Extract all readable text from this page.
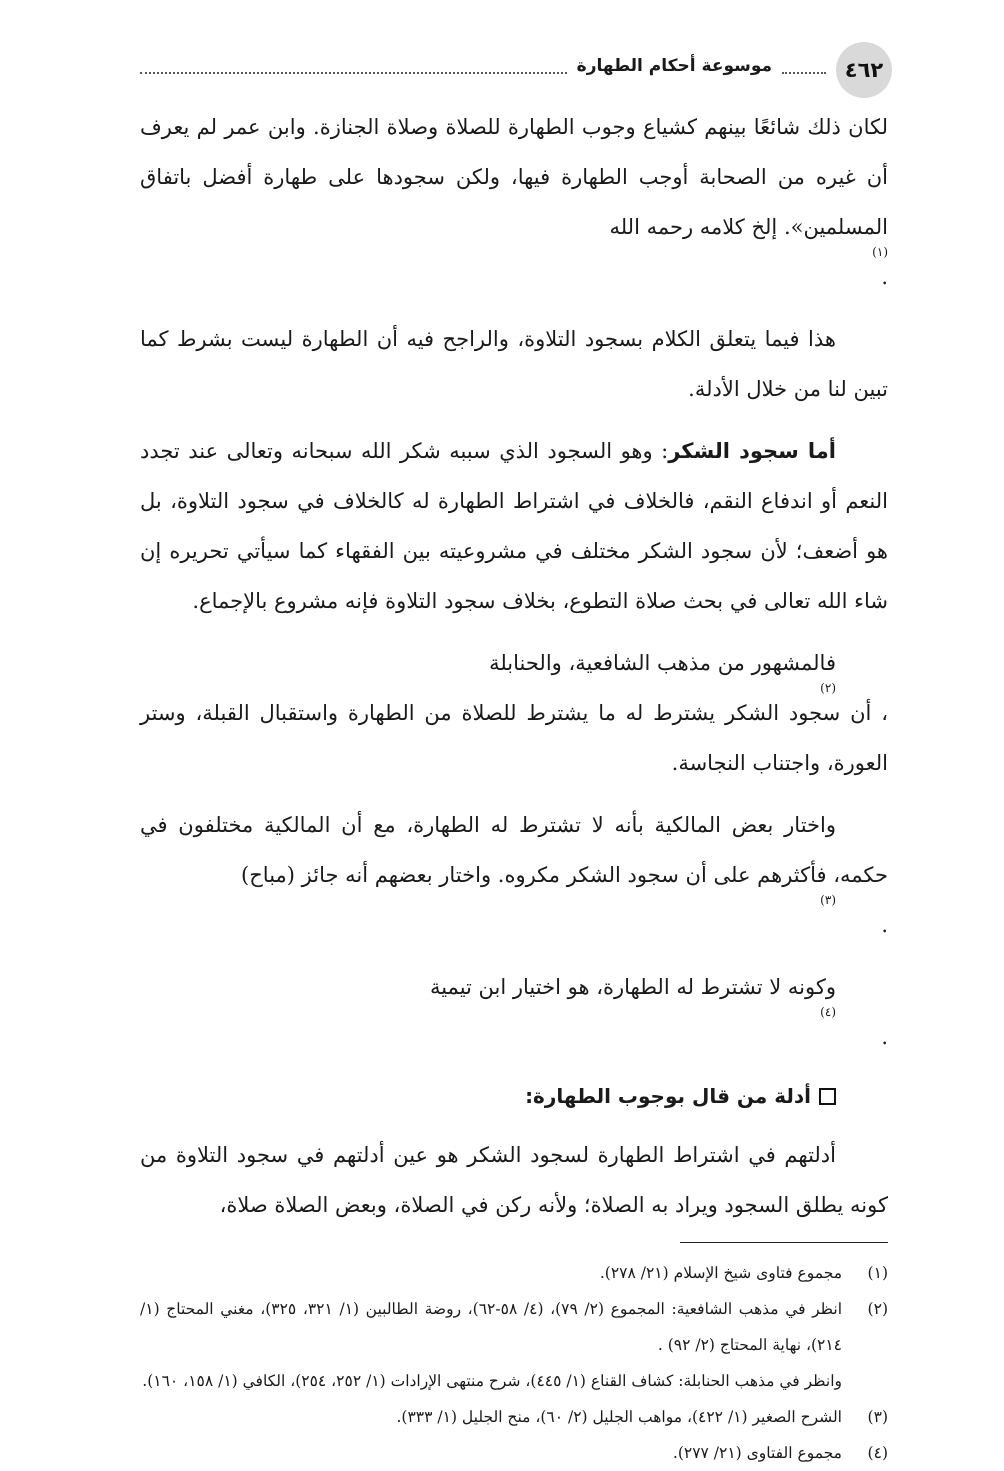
٤٦٢
موسوعة أحكام الطهارة

لكان ذلك شائعًا بينهم كشياع وجوب الطهارة للصلاة وصلاة الجنازة. وابن عمر لم يعرف أن غيره من الصحابة أوجب الطهارة فيها، ولكن سجودها على طهارة أفضل باتفاق المسلمين». إلخ كلامه رحمه الله
(١)
.

هذا فيما يتعلق الكلام بسجود التلاوة، والراجح فيه أن الطهارة ليست بشرط كما تبين لنا من خلال الأدلة.

أما سجود الشكر: وهو السجود الذي سببه شكر الله سبحانه وتعالى عند تجدد النعم أو اندفاع النقم، فالخلاف في اشتراط الطهارة له كالخلاف في سجود التلاوة، بل هو أضعف؛ لأن سجود الشكر مختلف في مشروعيته بين الفقهاء كما سيأتي تحريره إن شاء الله تعالى في بحث صلاة التطوع، بخلاف سجود التلاوة فإنه مشروع بالإجماع.

فالمشهور من مذهب الشافعية، والحنابلة
(٢)
، أن سجود الشكر يشترط له ما يشترط للصلاة من الطهارة واستقبال القبلة، وستر العورة، واجتناب النجاسة.

واختار بعض المالكية بأنه لا تشترط له الطهارة، مع أن المالكية مختلفون في حكمه، فأكثرهم على أن سجود الشكر مكروه. واختار بعضهم أنه جائز (مباح)
(٣)
.

وكونه لا تشترط له الطهارة، هو اختيار ابن تيمية
(٤)
.

أدلة من قال بوجوب الطهارة:

أدلتهم في اشتراط الطهارة لسجود الشكر هو عين أدلتهم في سجود التلاوة من كونه يطلق السجود ويراد به الصلاة؛ ولأنه ركن في الصلاة، وبعض الصلاة صلاة،

(١)

مجموع فتاوى شيخ الإسلام (٢١/ ٢٧٨).

(٢)

انظر في مذهب الشافعية: المجموع (٢/ ٧٩)، (٤/ ٥٨-٦٢)، روضة الطالبين (١/ ٣٢١، ٣٢٥)، مغني المحتاج (١/ ٢١٤)، نهاية المحتاج (٢/ ٩٢) .

وانظر في مذهب الحنابلة: كشاف القناع (١/ ٤٤٥)، شرح منتهى الإرادات (١/ ٢٥٢، ٢٥٤)، الكافي (١/ ١٥٨، ١٦٠).

(٣)

الشرح الصغير (١/ ٤٢٢)، مواهب الجليل (٢/ ٦٠)، منح الجليل (١/ ٣٣٣).

(٤)

مجموع الفتاوى (٢١/ ٢٧٧).
